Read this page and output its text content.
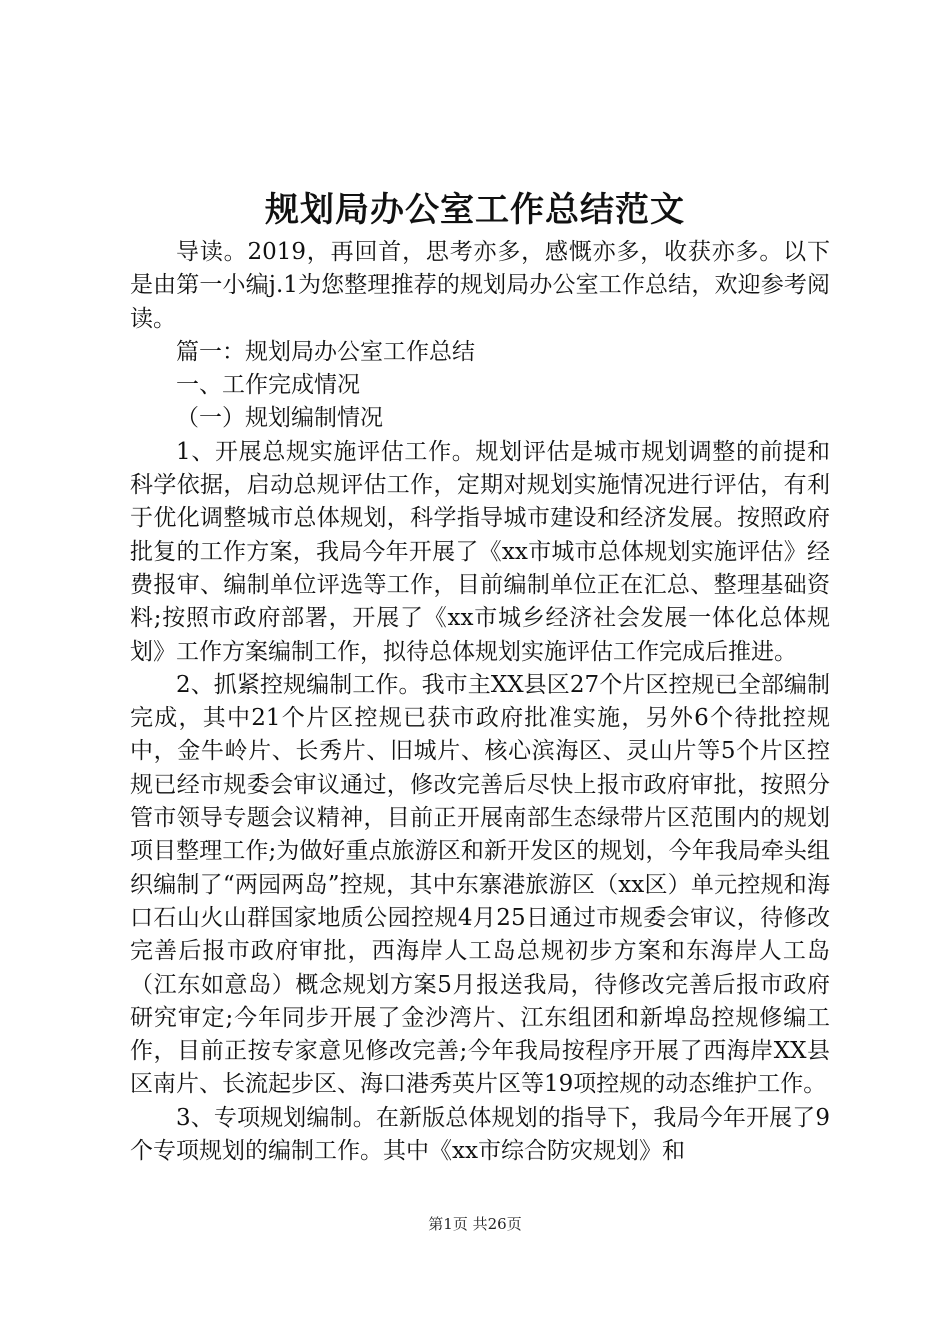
规划局办公室工作总结范文

导读。2019，再回首，思考亦多，感慨亦多，收获亦多。以下是由第一小编j.1为您整理推荐的规划局办公室工作总结，欢迎参考阅读。

篇一：规划局办公室工作总结

一、工作完成情况

（一）规划编制情况

1、开展总规实施评估工作。规划评估是城市规划调整的前提和科学依据，启动总规评估工作，定期对规划实施情况进行评估，有利于优化调整城市总体规划，科学指导城市建设和经济发展。按照政府批复的工作方案，我局今年开展了《xx市城市总体规划实施评估》经费报审、编制单位评选等工作，目前编制单位正在汇总、整理基础资料;按照市政府部署，开展了《xx市城乡经济社会发展一体化总体规划》工作方案编制工作，拟待总体规划实施评估工作完成后推进。

2、抓紧控规编制工作。我市主XX县区27个片区控规已全部编制完成，其中21个片区控规已获市政府批准实施，另外6个待批控规中，金牛岭片、长秀片、旧城片、核心滨海区、灵山片等5个片区控规已经市规委会审议通过，修改完善后尽快上报市政府审批，按照分管市领导专题会议精神，目前正开展南部生态绿带片区范围内的规划项目整理工作;为做好重点旅游区和新开发区的规划，今年我局牵头组织编制了“两园两岛”控规，其中东寨港旅游区（xx区）单元控规和海口石山火山群国家地质公园控规4月25日通过市规委会审议，待修改完善后报市政府审批，西海岸人工岛总规初步方案和东海岸人工岛（江东如意岛）概念规划方案5月报送我局，待修改完善后报市政府研究审定;今年同步开展了金沙湾片、江东组团和新埠岛控规修编工作，目前正按专家意见修改完善;今年我局按程序开展了西海岸XX县区南片、长流起步区、海口港秀英片区等19项控规的动态维护工作。

3、专项规划编制。在新版总体规划的指导下，我局今年开展了9个专项规划的编制工作。其中《xx市综合防灾规划》和

第1页 共26页
